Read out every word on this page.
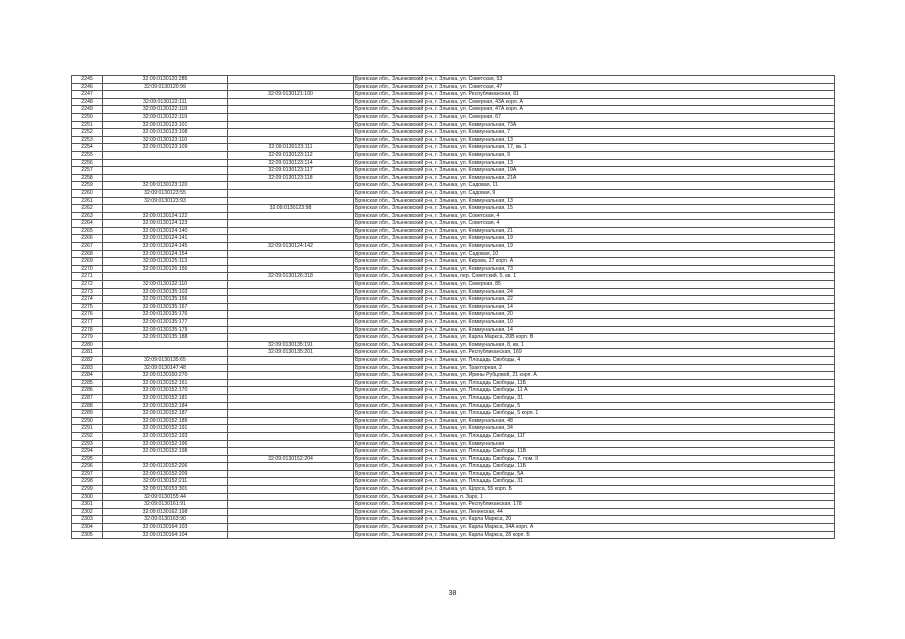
2245	32:09:0130120:285		Брянская обл., Злынковский р-н, г. Злынка, ул. Советская, 53
2246	32:09:0130120:99		Брянская обл., Злынковский р-н, г. Злынка, ул. Советская, 47
2247		32:09:0130121:100	Брянская обл., Злынковский р-н, г. Злынка, ул. Республиканская, 81
2248	32:09:0130122:111		Брянская обл., Злынковский р-н, г. Злынка, ул. Северная, 43А корп. А
2249	32:09:0130122:118		Брянская обл., Злынковский р-н, г. Злынка, ул. Северная, 47А корп. А
2250	32:09:0130122:119		Брянская обл., Злынковский р-н, г. Злынка, ул. Северная, 67
2251	32:09:0130123:101		Брянская обл., Злынковский р-н, г. Злынка, ул. Коммунальная, 73А
2252	32:09:0130123:108		Брянская обл., Злынковский р-н, г. Злынка, ул. Коммунальная, 7
2253	32:09:0130123:110		Брянская обл., Злынковский р-н, г. Злынка, ул. Коммунальная, 13
2254	32:09:0130123:109	32:09:0130123:111	Брянская обл., Злынковский р-н, г. Злынка, ул. Коммунальная, 17, кв. 1
2255		32:09:0130123:112	Брянская обл., Злынковский р-н, г. Злынка, ул. Коммунальная, 9
2256		32:09:0130123:114	Брянская обл., Злынковский р-н, г. Злынка, ул. Коммунальная, 13
2257		32:09:0130123:117	Брянская обл., Злынковский р-н, г. Злынка, ул. Коммунальная, 19А
2258		32:09:0130123:118	Брянская обл., Злынковский р-н, г. Злынка, ул. Коммунальная, 21А
2259	32:09:0130123:120		Брянская обл., Злынковский р-н, г. Злынка, ул. Садовая, 11
2260	32:09:0130123:55		Брянская обл., Злынковский р-н, г. Злынка, ул. Садовая, 9
2261	32:09:0130123:93		Брянская обл., Злынковский р-н, г. Злынка, ул. Коммунальная, 13
2262		32:09:0130123:98	Брянская обл., Злынковский р-н, г. Злынка, ул. Коммунальная, 15
2263	32:09:0130124:122		Брянская обл., Злынковский р-н, г. Злынка, ул. Советская, 4
2264	32:09:0130124:123		Брянская обл., Злынковский р-н, г. Злынка, ул. Советская, 4
2265	32:09:0130124:140		Брянская обл., Злынковский р-н, г. Злынка, ул. Коммунальная, 21
2266	32:09:0130124:141		Брянская обл., Злынковский р-н, г. Злынка, ул. Коммунальная, 19
2267	32:09:0130124:145	32:09:0130124:142	Брянская обл., Злынковский р-н, г. Злынка, ул. Коммунальная, 19
2268	32:09:0130124:154		Брянская обл., Злынковский р-н, г. Злынка, ул. Садовая, 10
2269	32:09:0130125:113		Брянская обл., Злынковский р-н, г. Злынка, ул. Кирова, 27 корп. А
2270	32:09:0130126:156		Брянская обл., Злынковский р-н, г. Злынка, ул. Коммунальная, 73
2271		32:09:0130126:318	Брянская обл., Злынковский р-н, г. Злынка, пер. Советский, 5, кв. 1
2272	32:09:0130132:110		Брянская обл., Злынковский р-н, г. Злынка, ул. Северная, 85
2273	32:09:0130135:103		Брянская обл., Злынковский р-н, г. Злынка, ул. Коммунальная, 24
2274	32:09:0130135:156		Брянская обл., Злынковский р-н, г. Злынка, ул. Коммунальная, 22
2275	32:09:0130135:167		Брянская обл., Злынковский р-н, г. Злынка, ул. Коммунальная, 14
2276	32:09:0130135:176		Брянская обл., Злынковский р-н, г. Злынка, ул. Коммунальная, 20
2277	32:09:0130135:177		Брянская обл., Злынковский р-н, г. Злынка, ул. Коммунальная, 10
2278	32:09:0130135:179		Брянская обл., Злынковский р-н, г. Злынка, ул. Коммунальная, 14
2279	32:09:0130135:188		Брянская обл., Злынковский р-н, г. Злынка, ул. Карла Маркса, 20В корп. В
2280		32:09:0130135:191	Брянская обл., Злынковский р-н, г. Злынка, ул. Коммунальная, 8, кв. 1
2281		32:09:0130135:201	Брянская обл., Злынковский р-н, г. Злынка, ул. Республиканская, 169
2282	32:09:0130135:65		Брянская обл., Злынковский р-н, г. Злынка, ул. Площадь Свободы, 4
2283	32:09:0130147:48		Брянская обл., Злынковский р-н, г. Злынка, ул. Тракторная, 2
2284	32:09:0130150:270		Брянская обл., Злынковский р-н, г. Злынка, ул. Ирины Рубцовой, 21 корп. А
2285	32:09:0130152:161		Брянская обл., Злынковский р-н, г. Злынка, ул. Площадь Свободы, 11Б
2286	32:09:0130152:170		Брянская обл., Злынковский р-н, г. Злынка, ул. Площадь Свободы, 11 А
2287	32:09:0130152:181		Брянская обл., Злынковский р-н, г. Злынка, ул. Площадь Свободы, 31
2288	32:09:0130152:184		Брянская обл., Злынковский р-н, г. Злынка, ул. Площадь Свободы, 5
2289	32:09:0130152:187		Брянская обл., Злынковский р-н, г. Злынка, ул. Площадь Свободы, 5 корп. 1
2290	32:09:0130152:189		Брянская обл., Злынковский р-н, г. Злынка, ул. Коммунальная, 48
2291	32:09:0130152:191		Брянская обл., Злынковский р-н, г. Злынка, ул. Коммунальная, 34
2292	32:09:0130152:193		Брянская обл., Злынковский р-н, г. Злынка, ул. Площадь Свободы, 11Г
2293	32:09:0130152:196		Брянская обл., Злынковский р-н, г. Злынка, ул. Коммунальная
2294	32:09:0130152:198		Брянская обл., Злынковский р-н, г. Злынка, ул. Площадь Свободы, 11В
2295		32:09:0130152:204	Брянская обл., Злынковский р-н, г. Злынка, ул. Площадь Свободы, 7, пом. II
2296	32:09:0130152:206		Брянская обл., Злынковский р-н, г. Злынка, ул. Площадь Свободы, 11Б
2297	32:09:0130152:209		Брянская обл., Злынковский р-н, г. Злынка, ул. Площадь Свободы, 5А
2298	32:09:0130152:211		Брянская обл., Злынковский р-н, г. Злынка, ул. Площадь Свободы, 31
2299	32:09:0130153:301		Брянская обл., Злынковский р-н, г. Злынка, ул. Щорса, 55 корп. Б
2300	32:09:0130155:44		Брянская обл., Злынковский р-н, г. Злынка, п. Зарх, 1
2301	32:09:0130161:91		Брянская обл., Злынковский р-н, г. Злынка, ул. Республиканская, 178
2302	32:09:0130162:198		Брянская обл., Злынковский р-н, г. Злынка, ул. Ленинская, 44
2303	32:09:0130163:90		Брянская обл., Злынковский р-н, г. Злынка, ул. Карла Маркса, 20
2304	32:09:0130164:103		Брянская обл., Злынковский р-н, г. Злынка, ул. Карла Маркса, 34А корп. А
2305	32:09:0130164:104		Брянская обл., Злынковский р-н, г. Злынка, ул. Карла Маркса, 28 корп. Б
38
